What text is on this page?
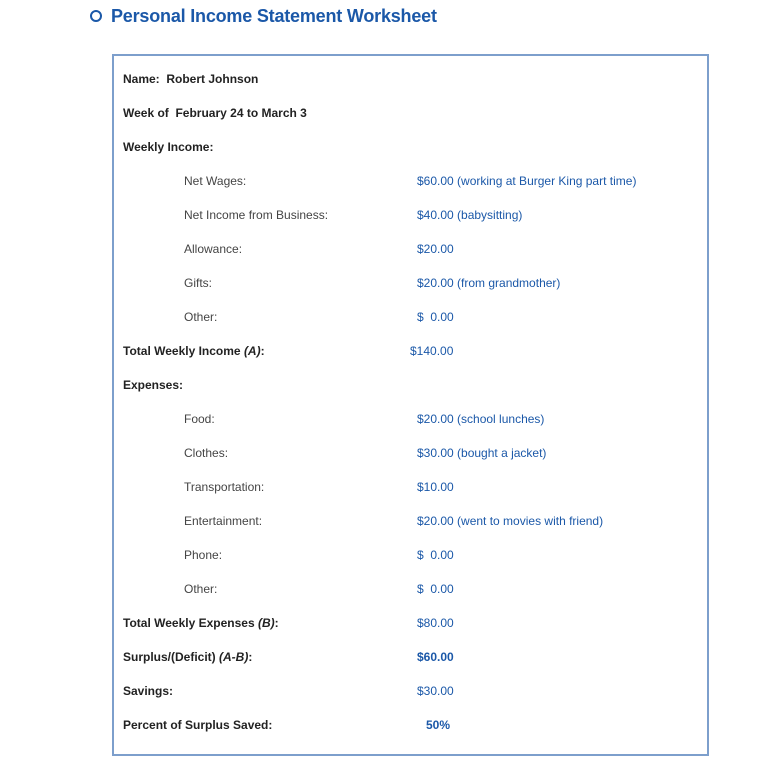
Personal Income Statement Worksheet
Name: Robert Johnson
Week of February 24 to March 3
Weekly Income:
Net Wages:	$60.00 (working at Burger King part time)
Net Income from Business:	$40.00 (babysitting)
Allowance:	$20.00
Gifts:	$20.00 (from grandmother)
Other:	$  0.00
Total Weekly Income (A):	$140.00
Expenses:
Food:	$20.00 (school lunches)
Clothes:	$30.00 (bought a jacket)
Transportation:	$10.00
Entertainment:	$20.00 (went to movies with friend)
Phone:	$  0.00
Other:	$  0.00
Total Weekly Expenses (B):	$80.00
Surplus/(Deficit) (A-B):	$60.00
Savings:	$30.00
Percent of Surplus Saved:	50%
